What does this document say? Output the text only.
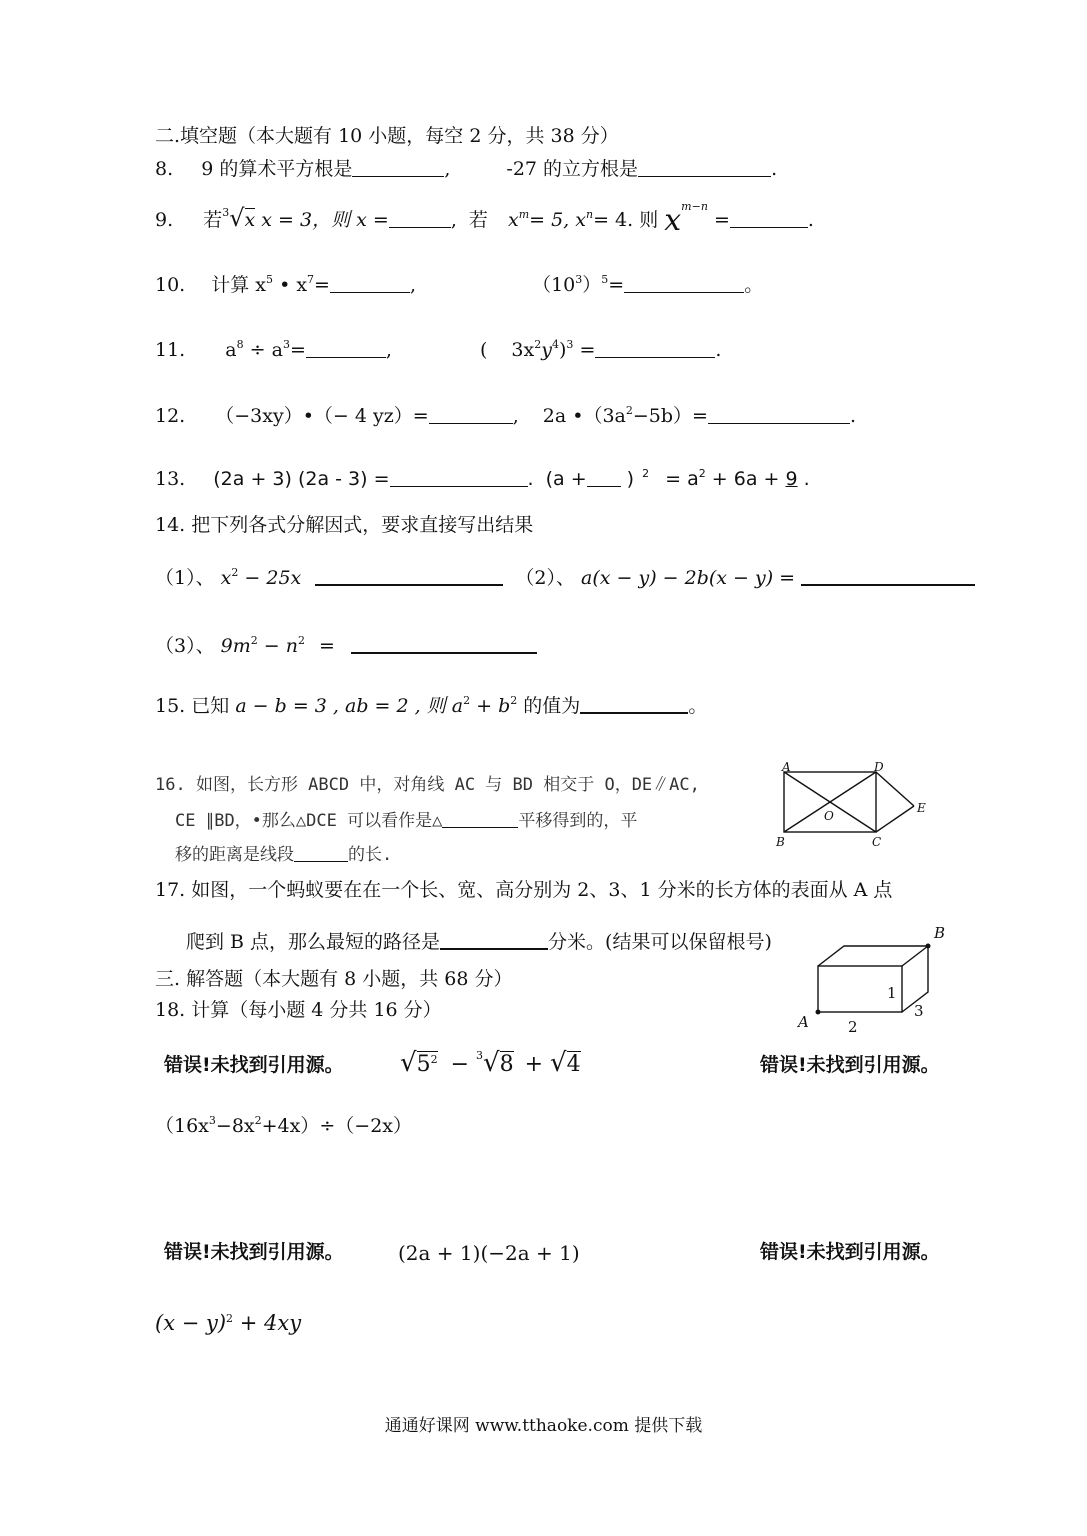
二.填空题（本大题有 10 小题，每空 2 分，共 38 分）
8. 9 的算术平方根是	,	-27 的立方根是	.
9. 若$^3$√x x = 3，则 x =	, 若 $x^m= 5$, $x^n= 4$. 则 $x^{m-n}$ =	.
10. 计算 $x^5$ • $x^7=$	,	$(10^3)^5=$	。
11. $a^8 \div a^3=$	,	( $3x^2y^4)^3$ =	.
12. （−3xy）•（− 4 yz）=	, 2a $•(3a^2-5b)=$	.
13. (2a + 3) (2a - 3) =	. (a + ) $^2 = a^2 + 6a + 9$ .
14. 把下列各式分解因式，要求直接写出结果
（1）、 $x^2 - 25x$	（2）、 a(x − y) − 2b(x − y) =
（3）、 $9m^2 - n^2$ =
15. 已知 a − b = 3 , ab = 2 , 则 $a^2 + b^2$ 的值为	。
16. 如图，长方形 ABCD 中，对角线 AC 与 BD 相交于 O，DE∥AC,
CE ∥BD，•那么△DCE 可以看作是△	平移得到的，平
移的距离是线段	的长.
A
B	C
D
E
O
17. 如图，一个蚂蚁要在在一个长、宽、高分别为 2、3、1 分米的长方体的表面从 A 点
爬到 B 点，那么最短的路径是	分米。(结果可以保留根号)
A
B
1
2
3
三. 解答题（本大题有 8 小题，共 68 分）
18. 计算（每小题 4 分共 16 分）
错误!未找到引用源。 $√5^2 - ^3√8 + √4$	错误!未找到引用源。
$(16x^3-8x^2+4x)\div(-2x)$
错误!未找到引用源。	(2a + 1)(−2a + 1)	错误!未找到引用源。
$(x - y)^2 + 4xy$
通通好课网 www.tthaoke.com 提供下载
